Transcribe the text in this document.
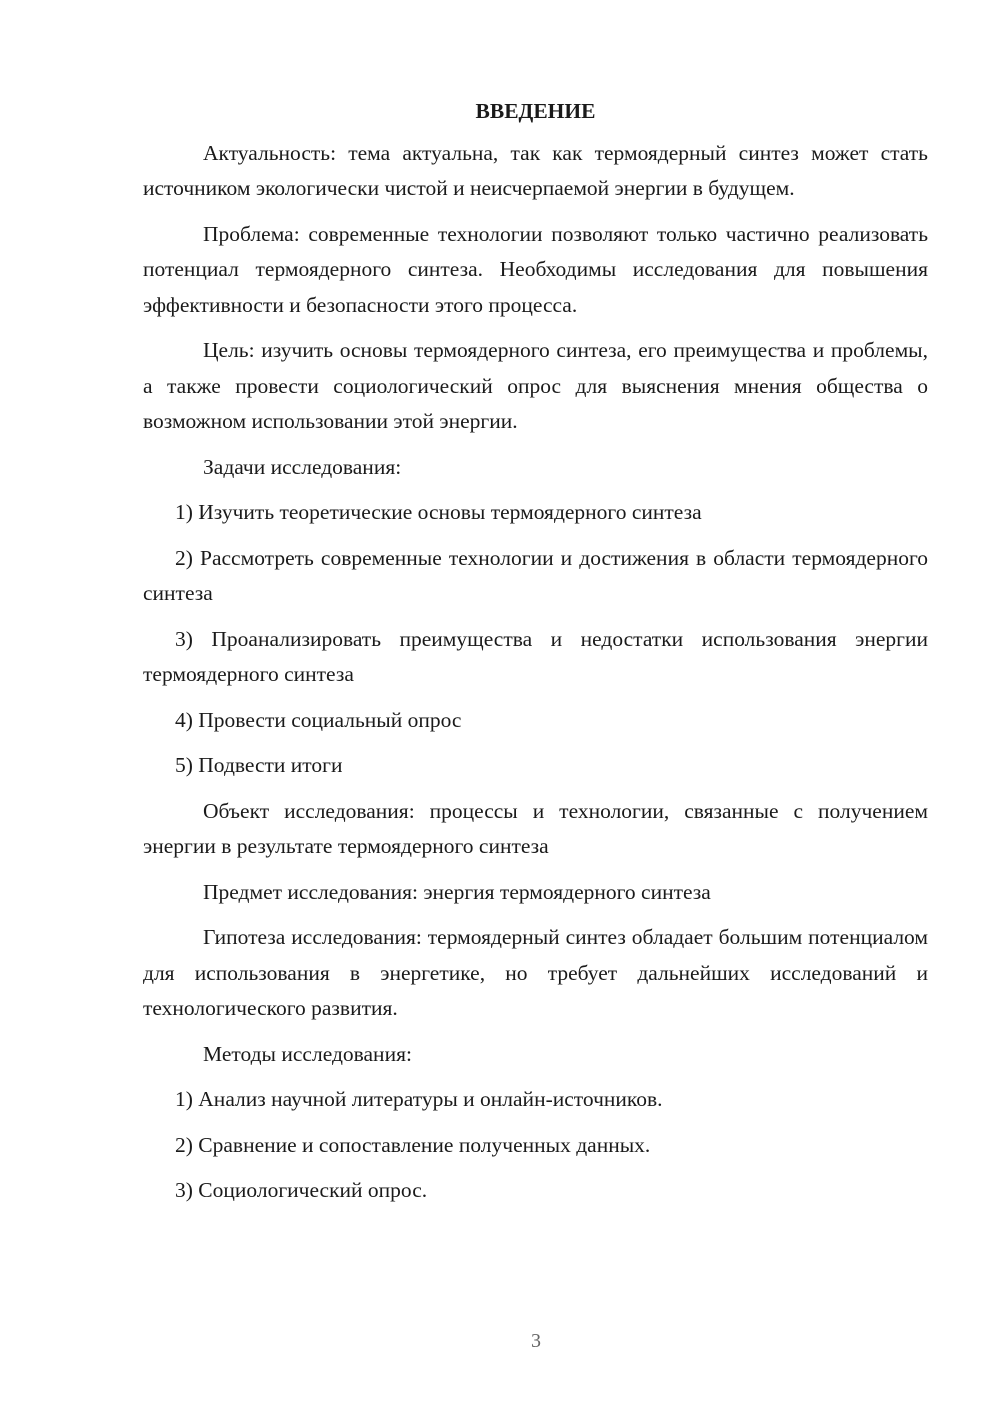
ВВЕДЕНИЕ

Актуальность: тема актуальна, так как термоядерный синтез может стать источником экологически чистой и неисчерпаемой энергии в будущем.

Проблема: современные технологии позволяют только частично реализовать потенциал термоядерного синтеза. Необходимы исследования для повышения эффективности и безопасности этого процесса.

Цель: изучить основы термоядерного синтеза, его преимущества и проблемы, а также провести социологический опрос для выяснения мнения общества о возможном использовании этой энергии.

Задачи исследования:

1) Изучить теоретические основы термоядерного синтеза

2) Рассмотреть современные технологии и достижения в области термоядерного синтеза

3) Проанализировать преимущества и недостатки использования энергии термоядерного синтеза

4) Провести социальный опрос

5) Подвести итоги

Объект исследования: процессы и технологии, связанные с получением энергии в результате термоядерного синтеза

Предмет исследования: энергия термоядерного синтеза

Гипотеза исследования: термоядерный синтез обладает большим потенциалом для использования в энергетике, но требует дальнейших исследований и технологического развития.

Методы исследования:

1) Анализ научной литературы и онлайн-источников.

2) Сравнение и сопоставление полученных данных.

3) Социологический опрос.

3
